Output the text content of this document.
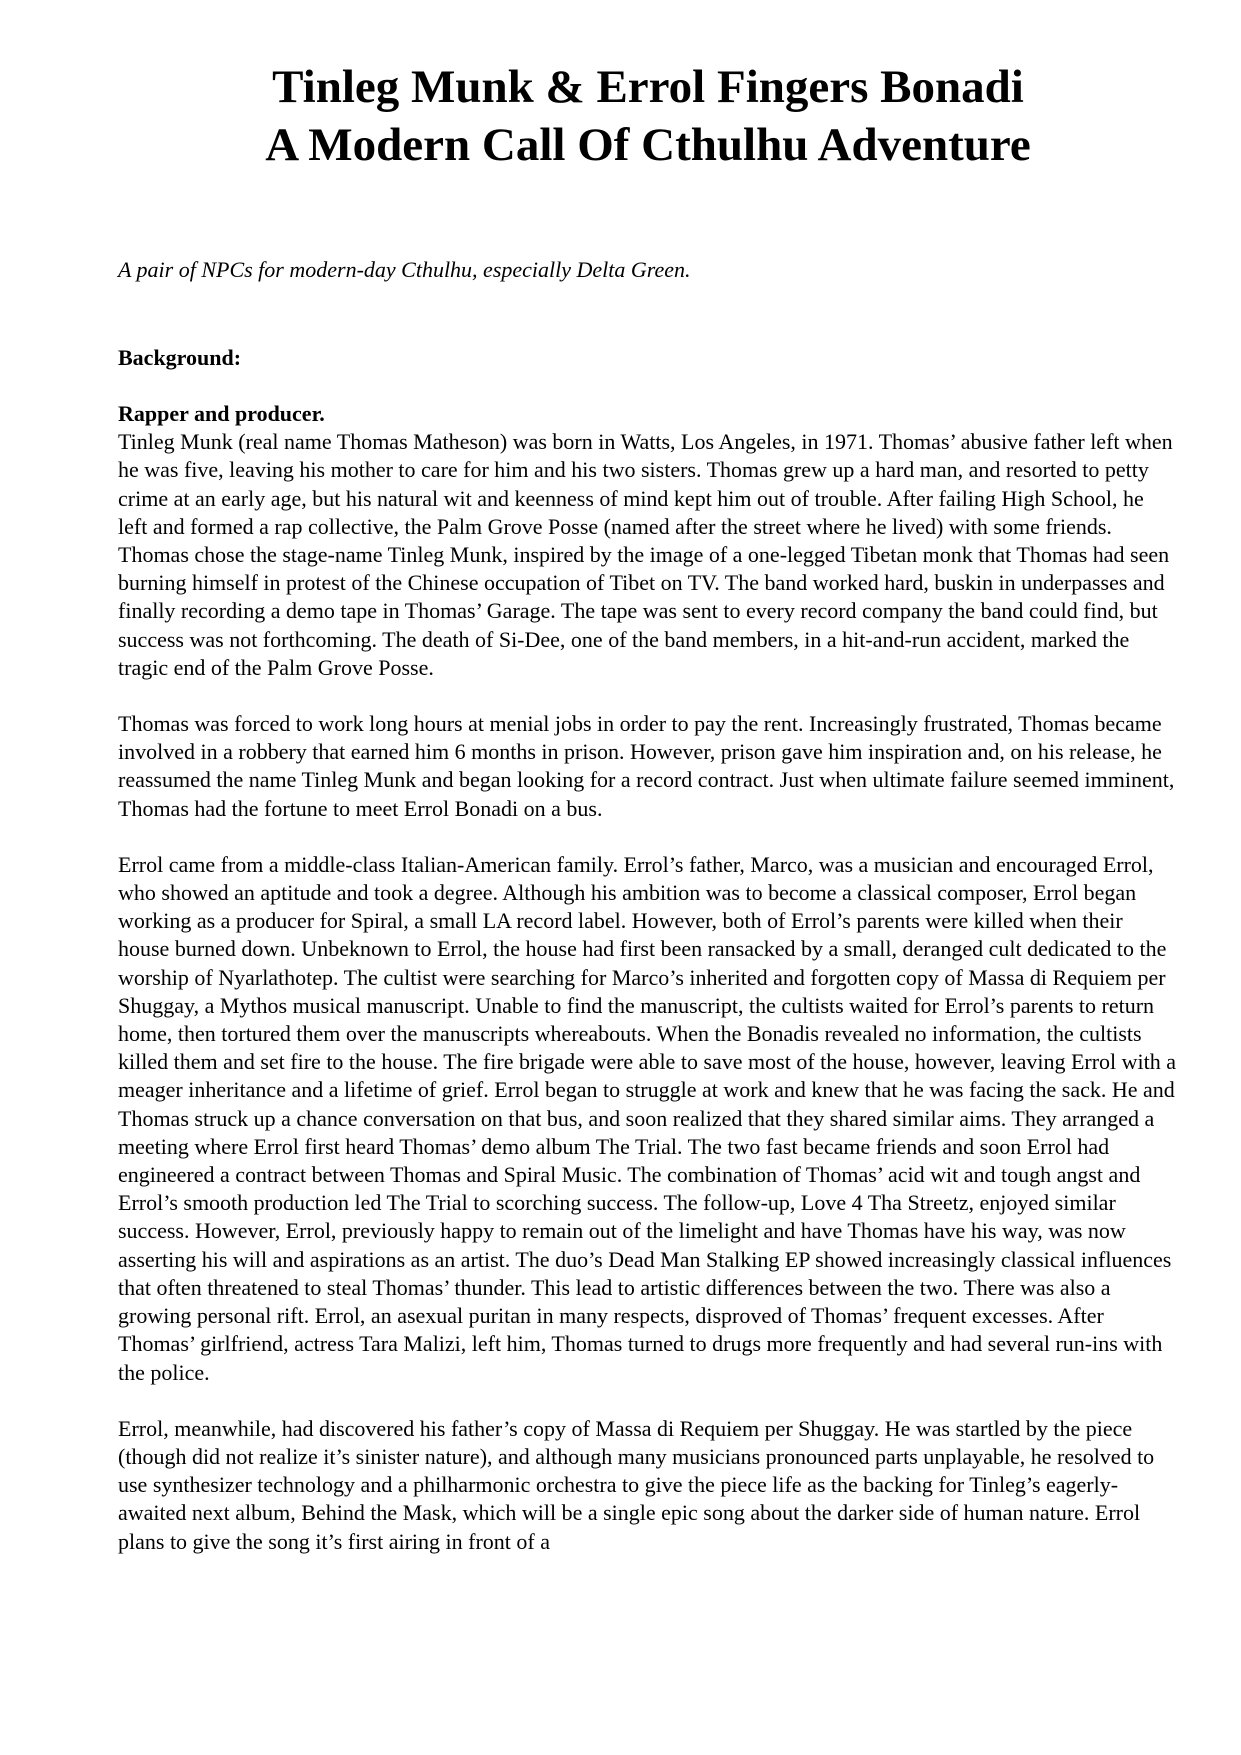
Tinleg Munk & Errol Fingers Bonadi
A Modern Call Of Cthulhu Adventure

A pair of NPCs for modern-day Cthulhu, especially Delta Green.

Background:

Rapper and producer.
Tinleg Munk (real name Thomas Matheson) was born in Watts, Los Angeles, in 1971. Thomas’ abusive father left when he was five, leaving his mother to care for him and his two sisters. Thomas grew up a hard man, and resorted to petty crime at an early age, but his natural wit and keenness of mind kept him out of trouble. After failing High School, he left and formed a rap collective, the Palm Grove Posse (named after the street where he lived) with some friends. Thomas chose the stage-name Tinleg Munk, inspired by the image of a one-legged Tibetan monk that Thomas had seen burning himself in protest of the Chinese occupation of Tibet on TV. The band worked hard, buskin in underpasses and finally recording a demo tape in Thomas’ Garage. The tape was sent to every record company the band could find, but success was not forthcoming. The death of Si-Dee, one of the band members, in a hit-and-run accident, marked the tragic end of the Palm Grove Posse.

Thomas was forced to work long hours at menial jobs in order to pay the rent. Increasingly frustrated, Thomas became involved in a robbery that earned him 6 months in prison. However, prison gave him inspiration and, on his release, he reassumed the name Tinleg Munk and began looking for a record contract. Just when ultimate failure seemed imminent, Thomas had the fortune to meet Errol Bonadi on a bus.

Errol came from a middle-class Italian-American family. Errol’s father, Marco, was a musician and encouraged Errol, who showed an aptitude and took a degree. Although his ambition was to become a classical composer, Errol began working as a producer for Spiral, a small LA record label. However, both of Errol’s parents were killed when their house burned down. Unbeknown to Errol, the house had first been ransacked by a small, deranged cult dedicated to the worship of Nyarlathotep. The cultist were searching for Marco’s inherited and forgotten copy of Massa di Requiem per Shuggay, a Mythos musical manuscript. Unable to find the manuscript, the cultists waited for Errol’s parents to return home, then tortured them over the manuscripts whereabouts. When the Bonadis revealed no information, the cultists killed them and set fire to the house. The fire brigade were able to save most of the house, however, leaving Errol with a meager inheritance and a lifetime of grief. Errol began to struggle at work and knew that he was facing the sack. He and Thomas struck up a chance conversation on that bus, and soon realized that they shared similar aims. They arranged a meeting where Errol first heard Thomas’ demo album The Trial. The two fast became friends and soon Errol had engineered a contract between Thomas and Spiral Music. The combination of Thomas’ acid wit and tough angst and Errol’s smooth production led The Trial to scorching success. The follow-up, Love 4 Tha Streetz, enjoyed similar success. However, Errol, previously happy to remain out of the limelight and have Thomas have his way, was now asserting his will and aspirations as an artist. The duo’s Dead Man Stalking EP showed increasingly classical influences that often threatened to steal Thomas’ thunder. This lead to artistic differences between the two. There was also a growing personal rift. Errol, an asexual puritan in many respects, disproved of Thomas’ frequent excesses. After Thomas’ girlfriend, actress Tara Malizi, left him, Thomas turned to drugs more frequently and had several run-ins with the police.

Errol, meanwhile, had discovered his father’s copy of Massa di Requiem per Shuggay. He was startled by the piece (though did not realize it’s sinister nature), and although many musicians pronounced parts unplayable, he resolved to use synthesizer technology and a philharmonic orchestra to give the piece life as the backing for Tinleg’s eagerly-awaited next album, Behind the Mask, which will be a single epic song about the darker side of human nature. Errol plans to give the song it’s first airing in front of a
